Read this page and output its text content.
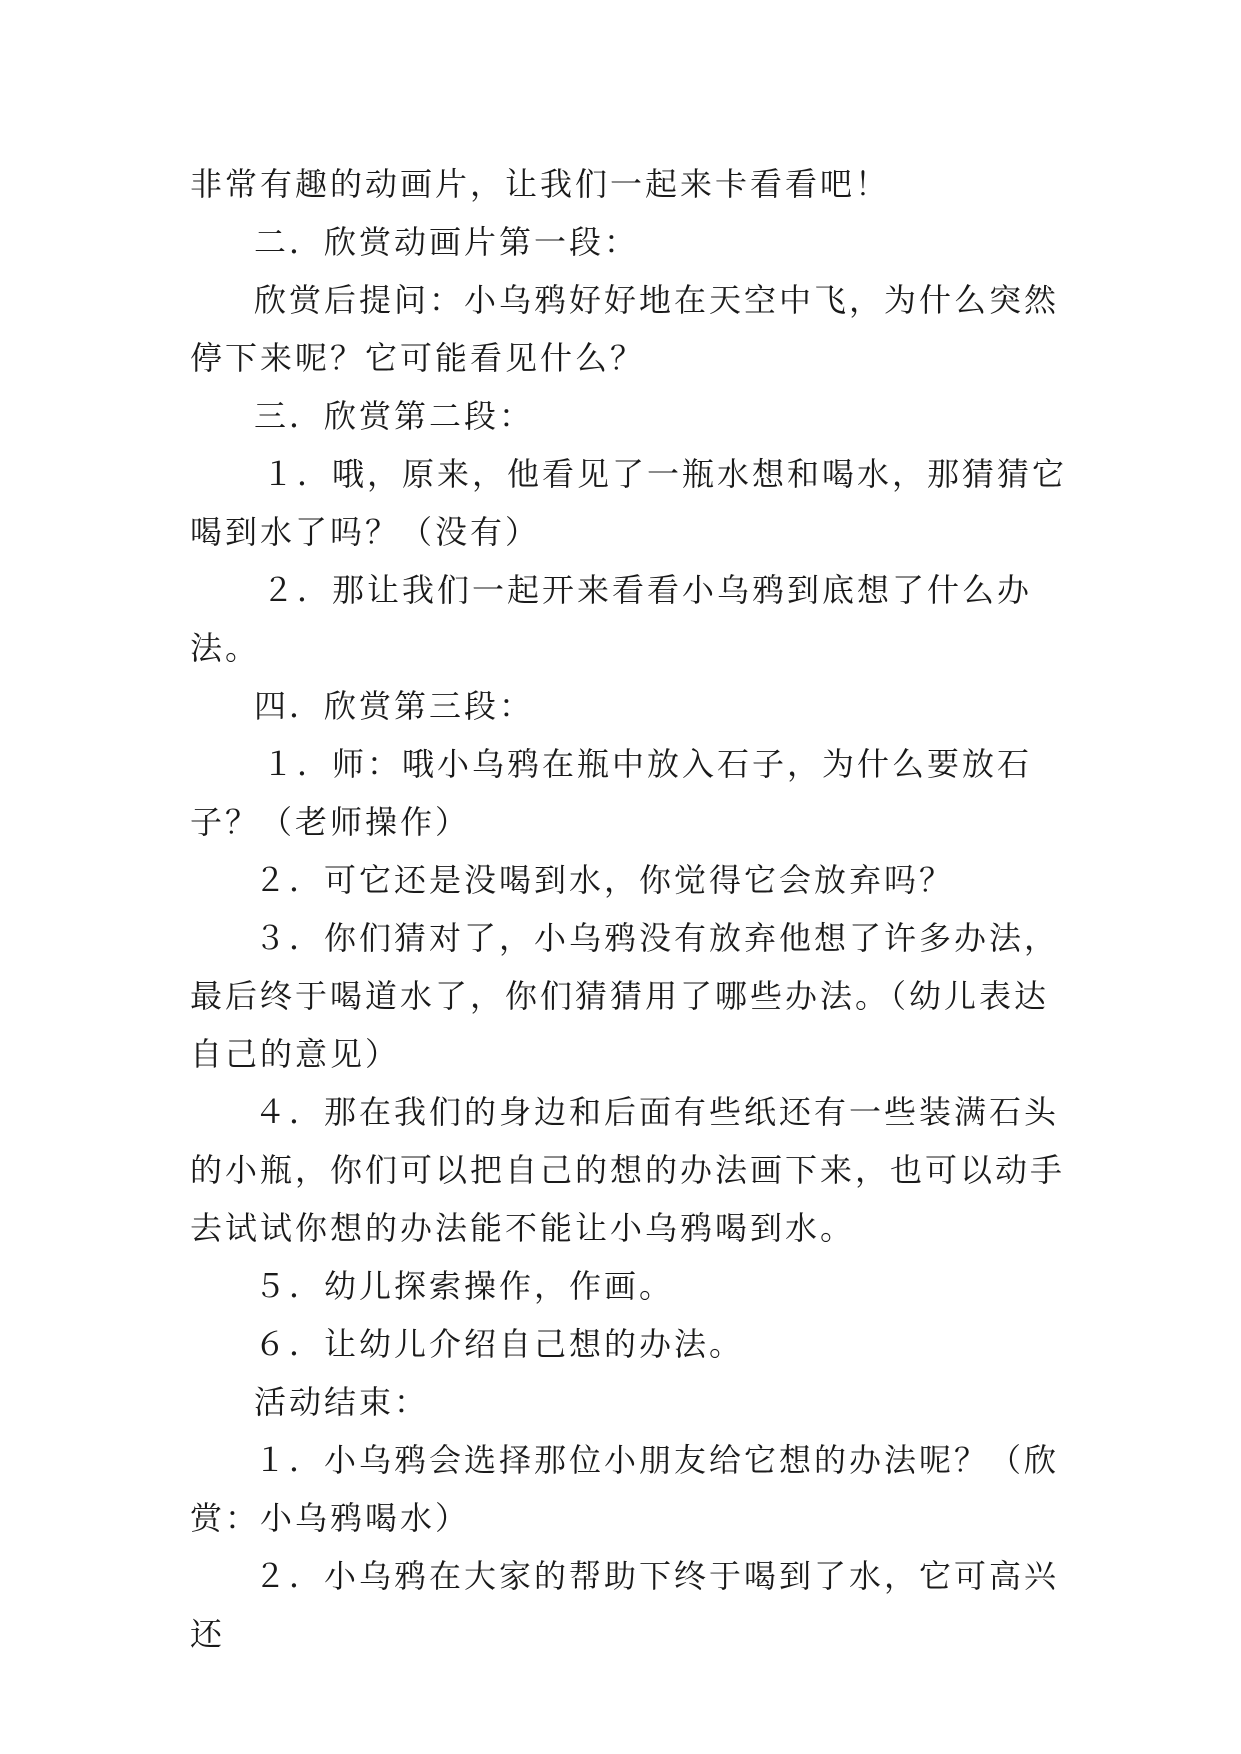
非常有趣的动画片，让我们一起来卡看看吧！

二．欣赏动画片第一段：

欣赏后提问：小乌鸦好好地在天空中飞，为什么突然停下来呢？它可能看见什么？

三．欣赏第二段：

１．哦，原来，他看见了一瓶水想和喝水，那猜猜它喝到水了吗？（没有）

２．那让我们一起开来看看小乌鸦到底想了什么办法。

四．欣赏第三段：

１．师：哦小乌鸦在瓶中放入石子，为什么要放石子？（老师操作）

２．可它还是没喝到水，你觉得它会放弃吗？

３．你们猜对了，小乌鸦没有放弃他想了许多办法，最后终于喝道水了，你们猜猜用了哪些办法。（幼儿表达自己的意见）

４．那在我们的身边和后面有些纸还有一些装满石头的小瓶，你们可以把自己的想的办法画下来，也可以动手去试试你想的办法能不能让小乌鸦喝到水。

５．幼儿探索操作，作画。

６．让幼儿介绍自己想的办法。

活动结束：

１．小乌鸦会选择那位小朋友给它想的办法呢？（欣赏：小乌鸦喝水）

２．小乌鸦在大家的帮助下终于喝到了水，它可高兴还
